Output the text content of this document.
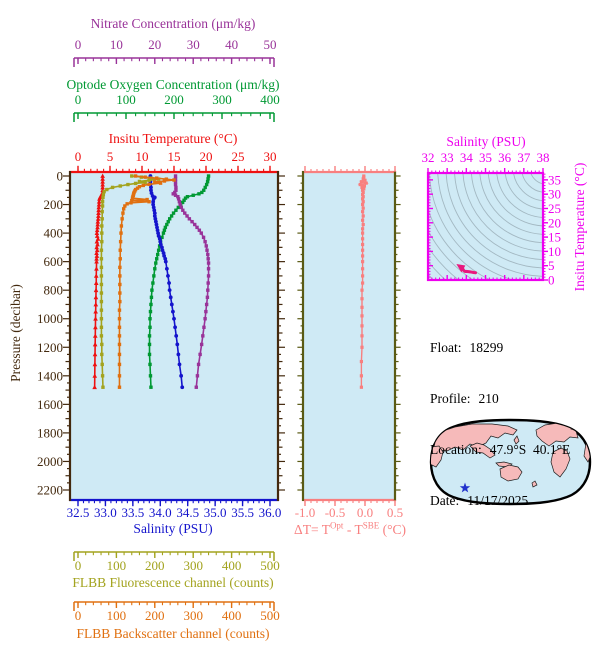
0
200
400
600
800
1000
1200
1400
1600
1800
2000
2200
0 5 10 15 20 25 30
32.5 33.0 33.5 34.0 34.5 35.0 35.5 36.0
0 10 20 30 40 50
0	100 200 300 400
0 100 200 300 400 500
0 100 200 300 400 500
-1.0 -0.5 0.0 0.5
32 33 34 35 36 37 38
0
5
10
15
20
25
30
35
Nitrate Concentration (μm/kg)
Optode Oxygen Concentration (μm/kg)
Insitu Temperature (°C)
Salinity (PSU)
FLBB Fluorescence channel (counts)
FLBB Backscatter channel (counts)
Pressure (decibar)
$\Delta T= T^{Opt} - T^{SBE}$ (°C)
Salinity (PSU)
Insitu Temperature (°C)

Float: 18299

Profile: 210

Location: 47.9°S  40.1°E

Date: 11/17/2025
